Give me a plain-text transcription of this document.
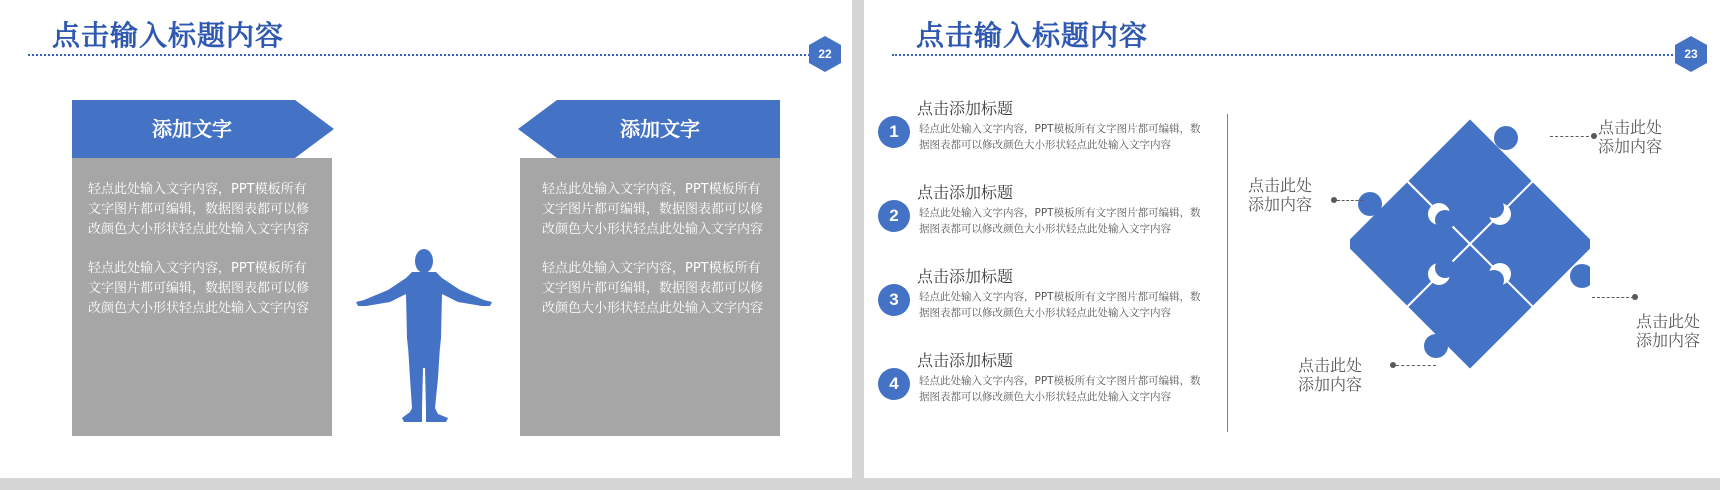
点击输入标题内容	22
22
轻点此处输入文字内容，PPT模板所有文字图片都可编辑，数据图表都可以修改颜色大小形状轻点此处输入文字内容
轻点此处输入文字内容，PPT模板所有文字图片都可编辑，数据图表都可以修改颜色大小形状轻点此处输入文字内容
添加文字
轻点此处输入文字内容，PPT模板所有文字图片都可编辑，数据图表都可以修改颜色大小形状轻点此处输入文字内容
轻点此处输入文字内容，PPT模板所有文字图片都可编辑，数据图表都可以修改颜色大小形状轻点此处输入文字内容
添加文字
点击输入标题内容	23
23
1
点击添加标题
轻点此处输入文字内容，PPT模板所有文字图片都可编辑，数据图表都可以修改颜色大小形状轻点此处输入文字内容
2
点击添加标题
轻点此处输入文字内容，PPT模板所有文字图片都可编辑，数据图表都可以修改颜色大小形状轻点此处输入文字内容
3
点击添加标题
轻点此处输入文字内容，PPT模板所有文字图片都可编辑，数据图表都可以修改颜色大小形状轻点此处输入文字内容
4
点击添加标题
轻点此处输入文字内容，PPT模板所有文字图片都可编辑，数据图表都可以修改颜色大小形状轻点此处输入文字内容
点击此处添加内容
点击此处添加内容
点击此处添加内容
点击此处添加内容
